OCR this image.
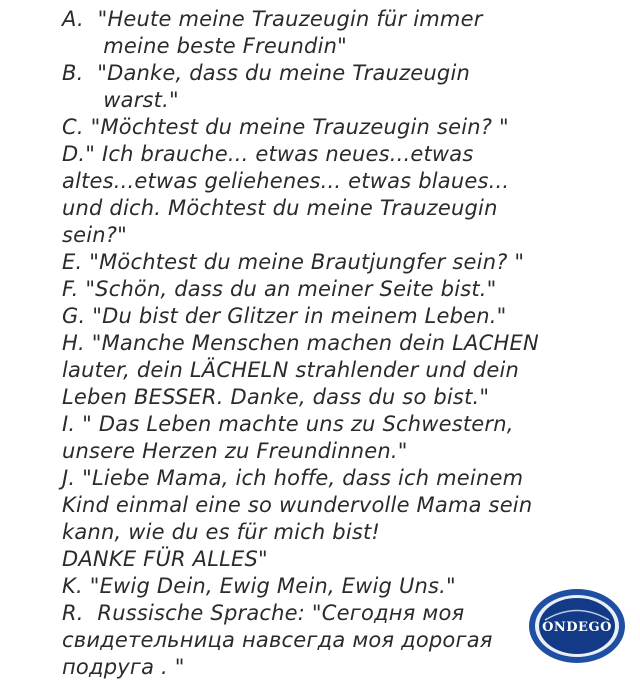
A.  "Heute meine Trauzeugin für immer
meine beste Freundin"
B.  "Danke, dass du meine Trauzeugin
warst."
C. "Möchtest du meine Trauzeugin sein? "
D." Ich brauche... etwas neues...etwas
altes...etwas geliehenes... etwas blaues...
und dich. Möchtest du meine Trauzeugin
sein?"
E. "Möchtest du meine Brautjungfer sein? "
F. "Schön, dass du an meiner Seite bist."
G. "Du bist der Glitzer in meinem Leben."
H. "Manche Menschen machen dein LACHEN
lauter, dein LÄCHELN strahlender und dein
Leben BESSER. Danke, dass du so bist."
I. " Das Leben machte uns zu Schwestern,
unsere Herzen zu Freundinnen."
J. "Liebe Mama, ich hoffe, dass ich meinem
Kind einmal eine so wundervolle Mama sein
kann, wie du es für mich bist!
DANKE FÜR ALLES"
K. "Ewig Dein, Ewig Mein, Ewig Uns."
R.  Russische Sprache: "Сегодня моя
свидетельница навсегда моя дорогая
подруга . "
ONDEGO
